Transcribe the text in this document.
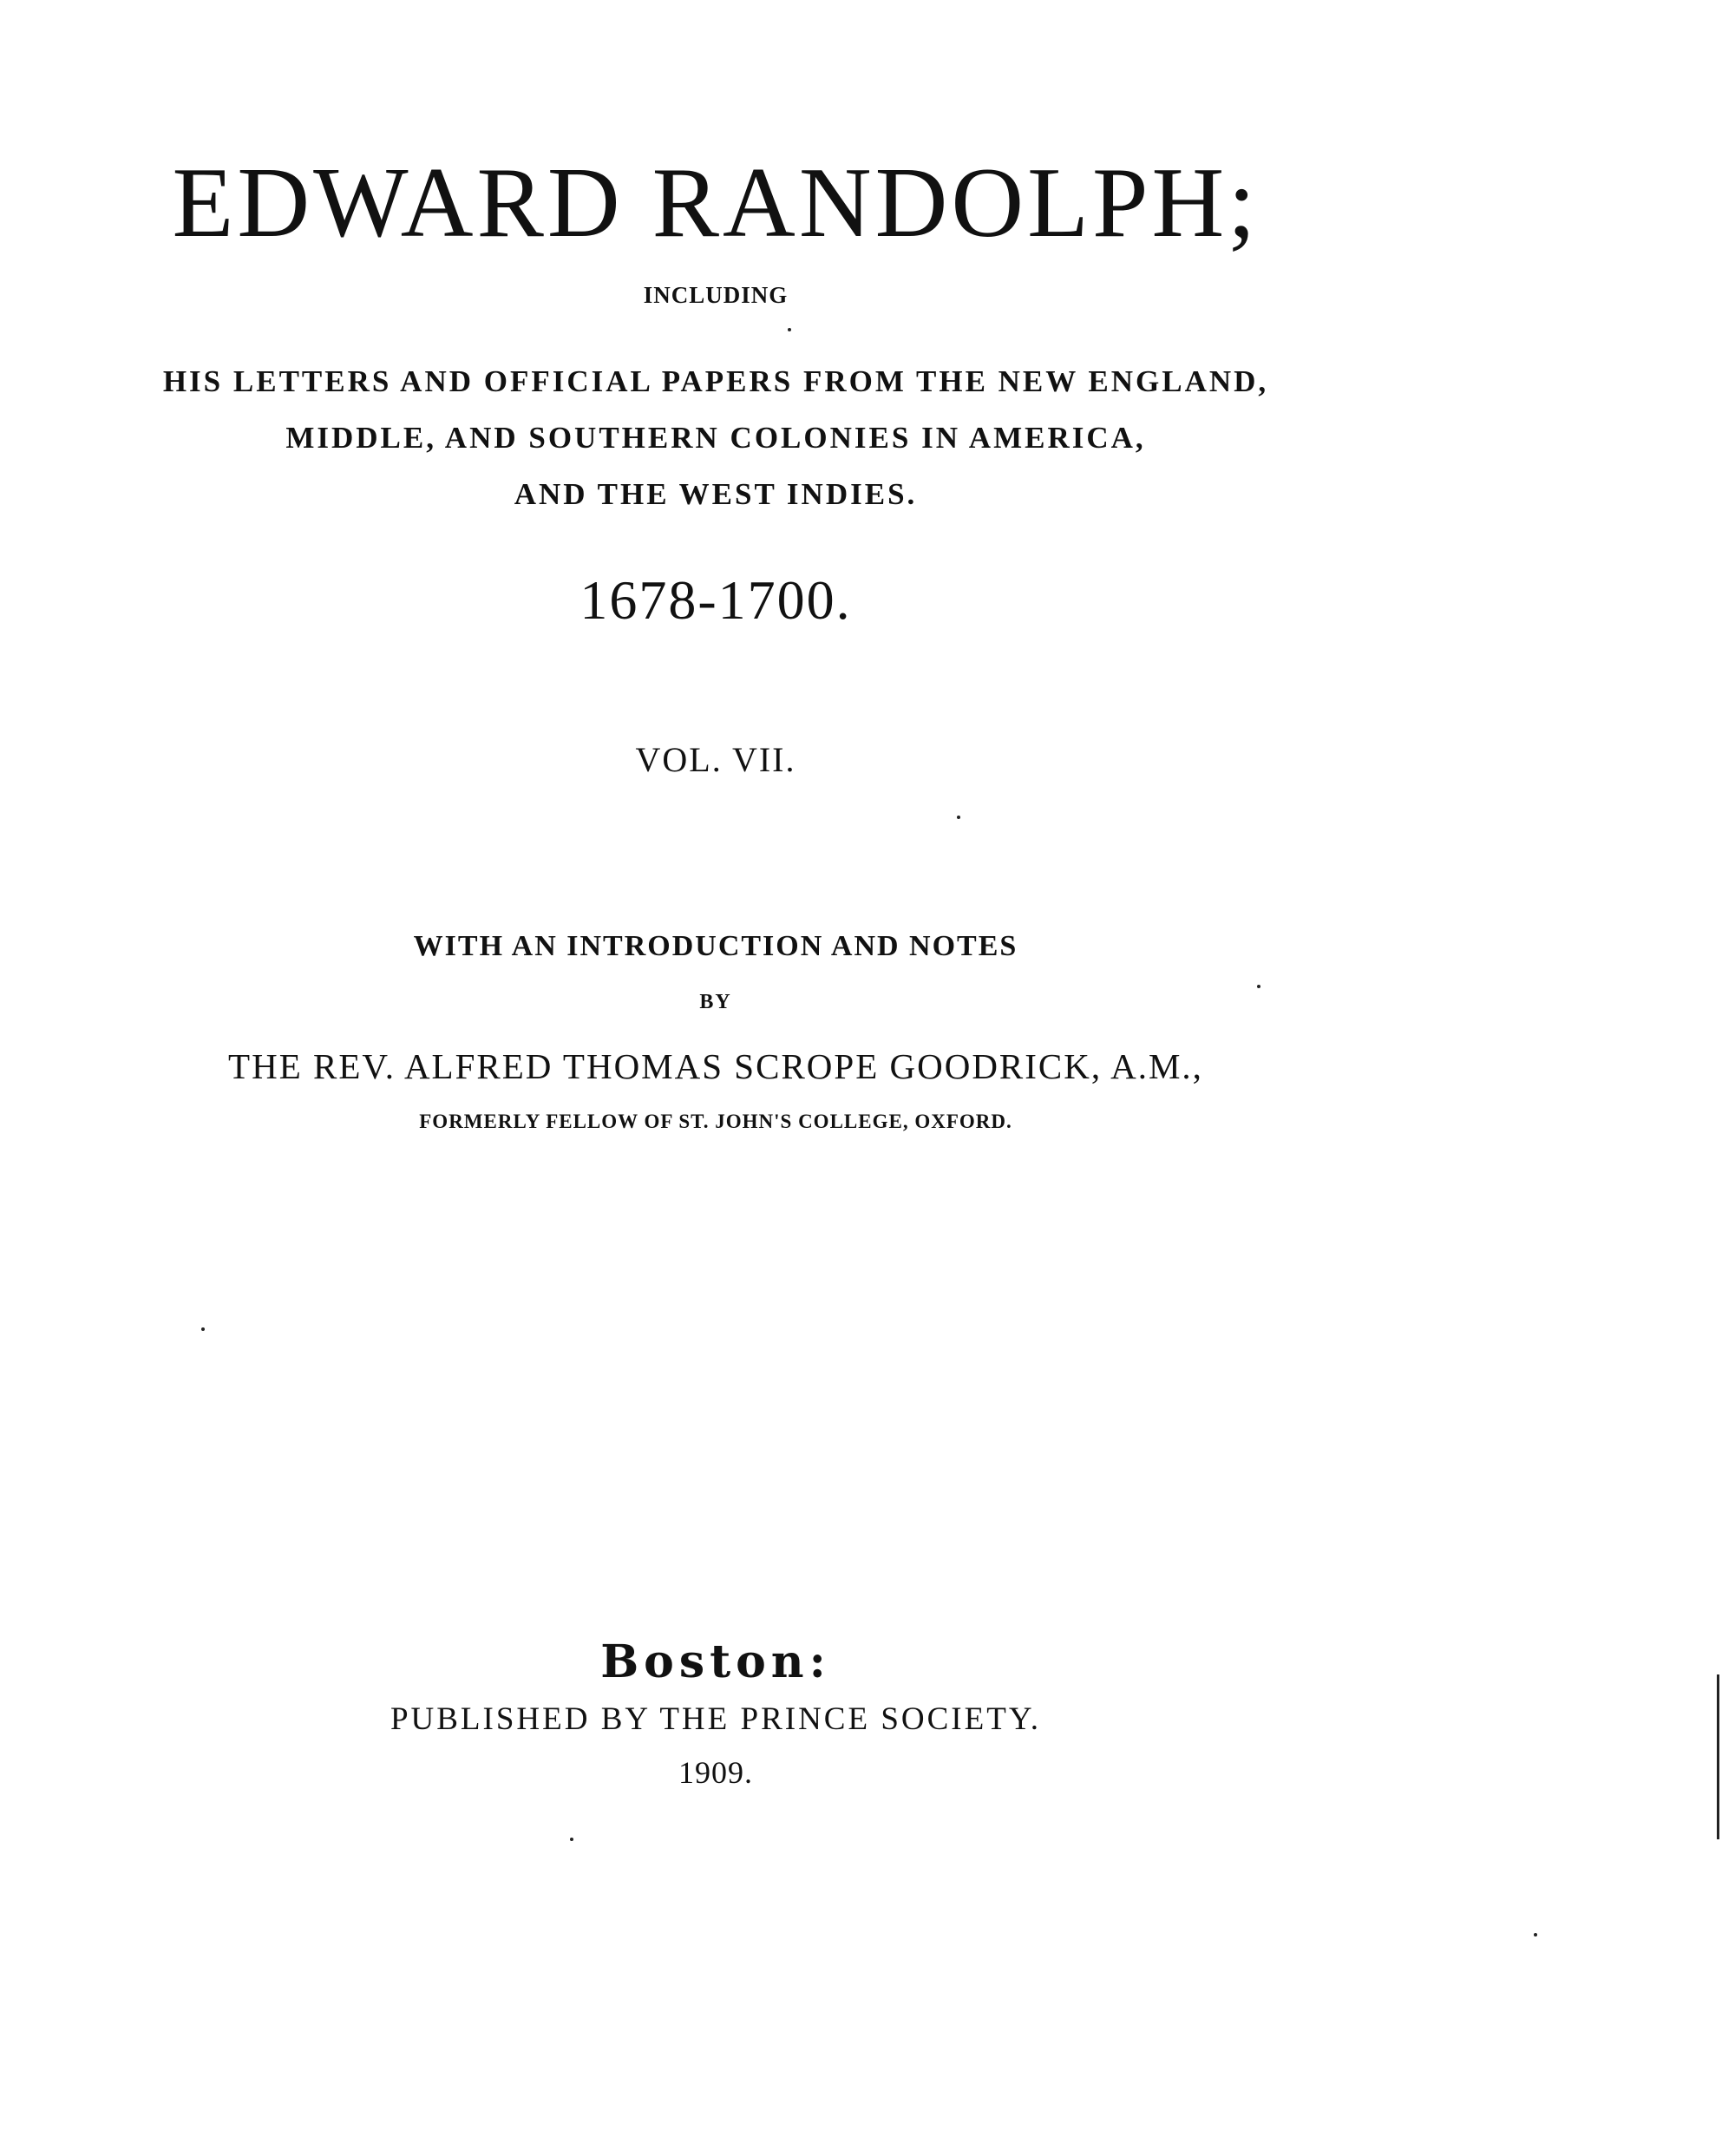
EDWARD RANDOLPH;
INCLUDING
HIS LETTERS AND OFFICIAL PAPERS FROM THE NEW ENGLAND,
MIDDLE, AND SOUTHERN COLONIES IN AMERICA,
AND THE WEST INDIES.
1678-1700.
VOL. VII.
WITH AN INTRODUCTION AND NOTES
BY
THE REV. ALFRED THOMAS SCROPE GOODRICK, A.M.,
FORMERLY FELLOW OF ST. JOHN'S COLLEGE, OXFORD.
Boston:
PUBLISHED BY THE PRINCE SOCIETY.
1909.
